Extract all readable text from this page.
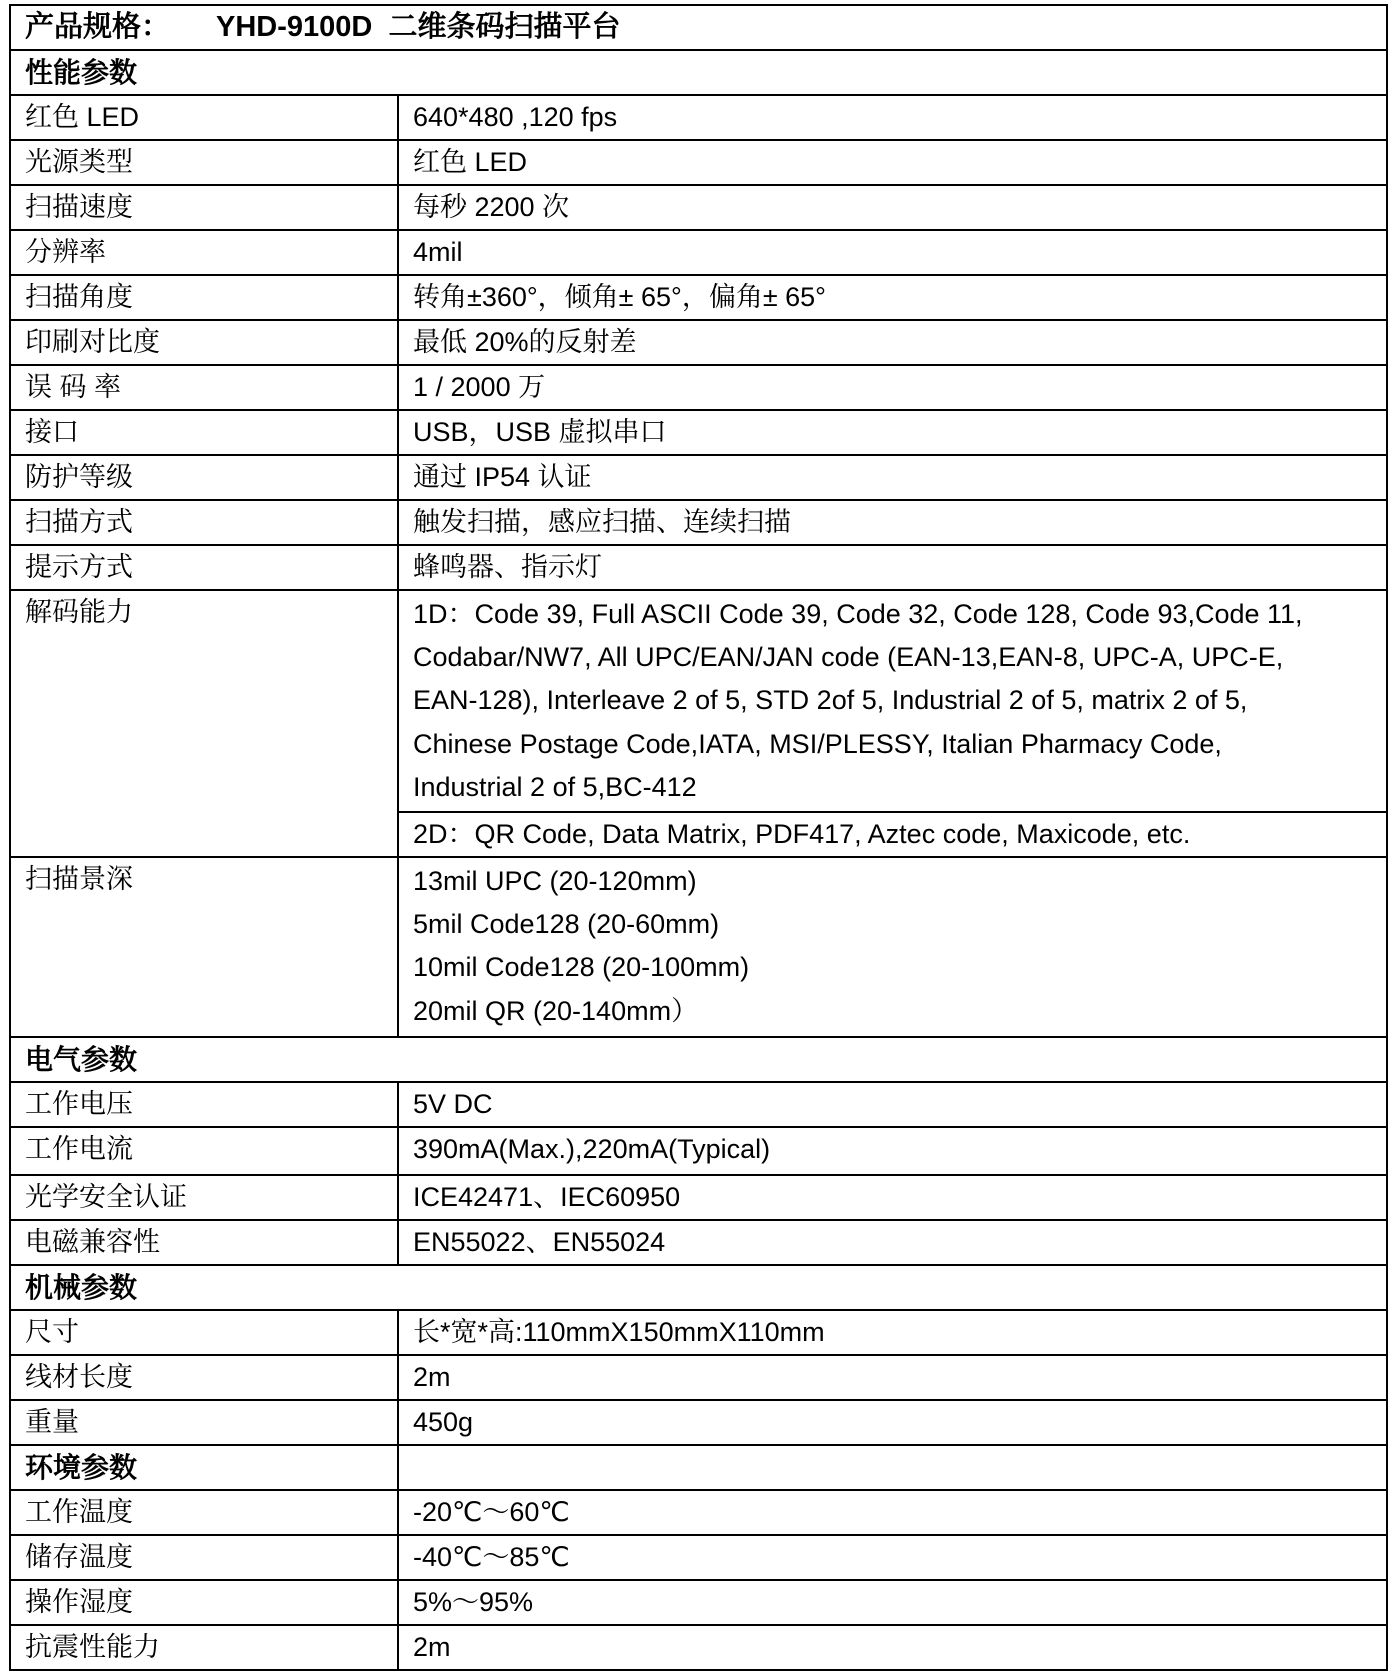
产品规格： YHD-9100D 二维条码扫描平台	
性能参数	
红色 LED	640*480 ,120 fps
光源类型	红色 LED
扫描速度	每秒 2200 次
分辨率	4mil
扫描角度	转角±360°，倾角± 65°，偏角± 65°
印刷对比度	最低 20%的反射差
误 码 率	1 / 2000 万
接口	USB，USB 虚拟串口
防护等级	通过 IP54 认证
扫描方式	触发扫描，感应扫描、连续扫描
提示方式	蜂鸣器、指示灯
解码能力	1D：Code 39, Full ASCII Code 39, Code 32, Code 128, Code 93,Code 11,
Codabar/NW7, All UPC/EAN/JAN code (EAN-13,EAN-8, UPC-A, UPC-E,
EAN-128), Interleave 2 of 5, STD 2of 5, Industrial 2 of 5, matrix 2 of 5,
Chinese Postage Code,IATA, MSI/PLESSY, Italian Pharmacy Code,
Industrial 2 of 5,BC-412

	2D：QR Code, Data Matrix, PDF417, Aztec code, Maxicode, etc.
扫描景深	13mil UPC (20-120mm)
5mil Code128 (20-60mm)
10mil Code128 (20-100mm)
20mil QR (20-140mm）

电气参数	
工作电压	5V DC
工作电流	390mA(Max.),220mA(Typical)
光学安全认证	ICE42471、IEC60950
电磁兼容性	EN55022、EN55024
机械参数	
尺寸	长*宽*高:110mmX150mmX110mm
线材长度	2m
重量	450g
环境参数	
工作温度	-20℃～60℃
储存温度	-40℃～85℃
操作湿度	5%～95%
抗震性能力	2m
